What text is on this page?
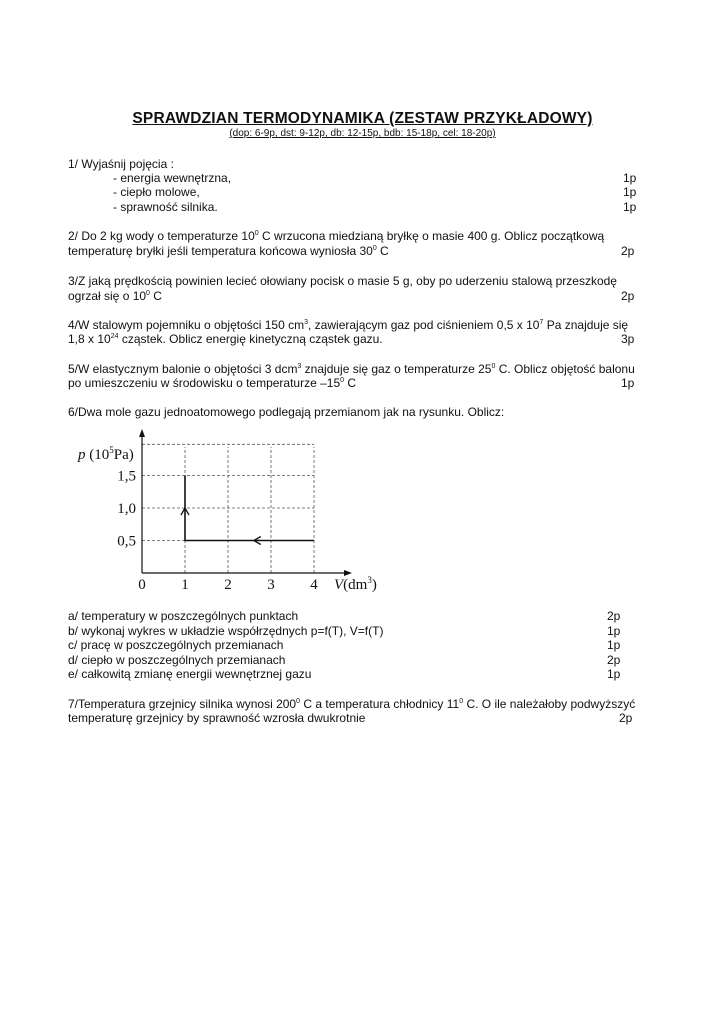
SPRAWDZIAN TERMODYNAMIKA (ZESTAW PRZYKŁADOWY)
(dop: 6-9p, dst: 9-12p, db: 12-15p, bdb: 15-18p, cel: 18-20p)
1/ Wyjaśnij pojęcia :
- energia wewnętrzna,	1p
- ciepło molowe,	1p
- sprawność silnika.	1p
2/ Do 2 kg wody o temperaturze $10^0$ C wrzucona miedzianą bryłkę o masie 400 g. Oblicz początkową
temperaturę bryłki jeśli temperatura końcowa wyniosła $30^0$ C	2p
3/Z jaką prędkością powinien lecieć ołowiany pocisk o masie 5 g, oby po uderzeniu stalową przeszkodę
ogrzał się o $10^0$ C	2p
4/W stalowym pojemniku o objętości 150 $cm^3$, zawierającym gaz pod ciśnieniem 0,5 x $10^7$ Pa znajduje się
1,8 x $10^{24}$ cząstek. Oblicz energię kinetyczną cząstek gazu.	3p
5/W elastycznym balonie o objętości 3 dcm$^3$ znajduje się gaz o temperaturze $25^0$ C. Oblicz objętość balonu
po umieszczeniu w środowisku o temperaturze $-15^0$ C	1p
6/Dwa mole gazu jednoatomowego podlegają przemianom jak na rysunku. Oblicz:
0 1 2 3 4
0,5
1,0
1,5
p $(10^5Pa)$
$V(dm^3)$
a/ temperatury w poszczególnych punktach	2p
b/ wykonaj wykres w układzie współrzędnych p=f(T), V=f(T)	1p
c/ pracę w poszczególnych przemianach	1p
d/ ciepło w poszczególnych przemianach	2p
e/ całkowitą zmianę energii wewnętrznej gazu	1p
7/Temperatura grzejnicy silnika wynosi $200^0$ C a temperatura chłodnicy $11^0$ C. O ile należałoby podwyższyć
temperaturę grzejnicy by sprawność wzrosła dwukrotnie	2p
